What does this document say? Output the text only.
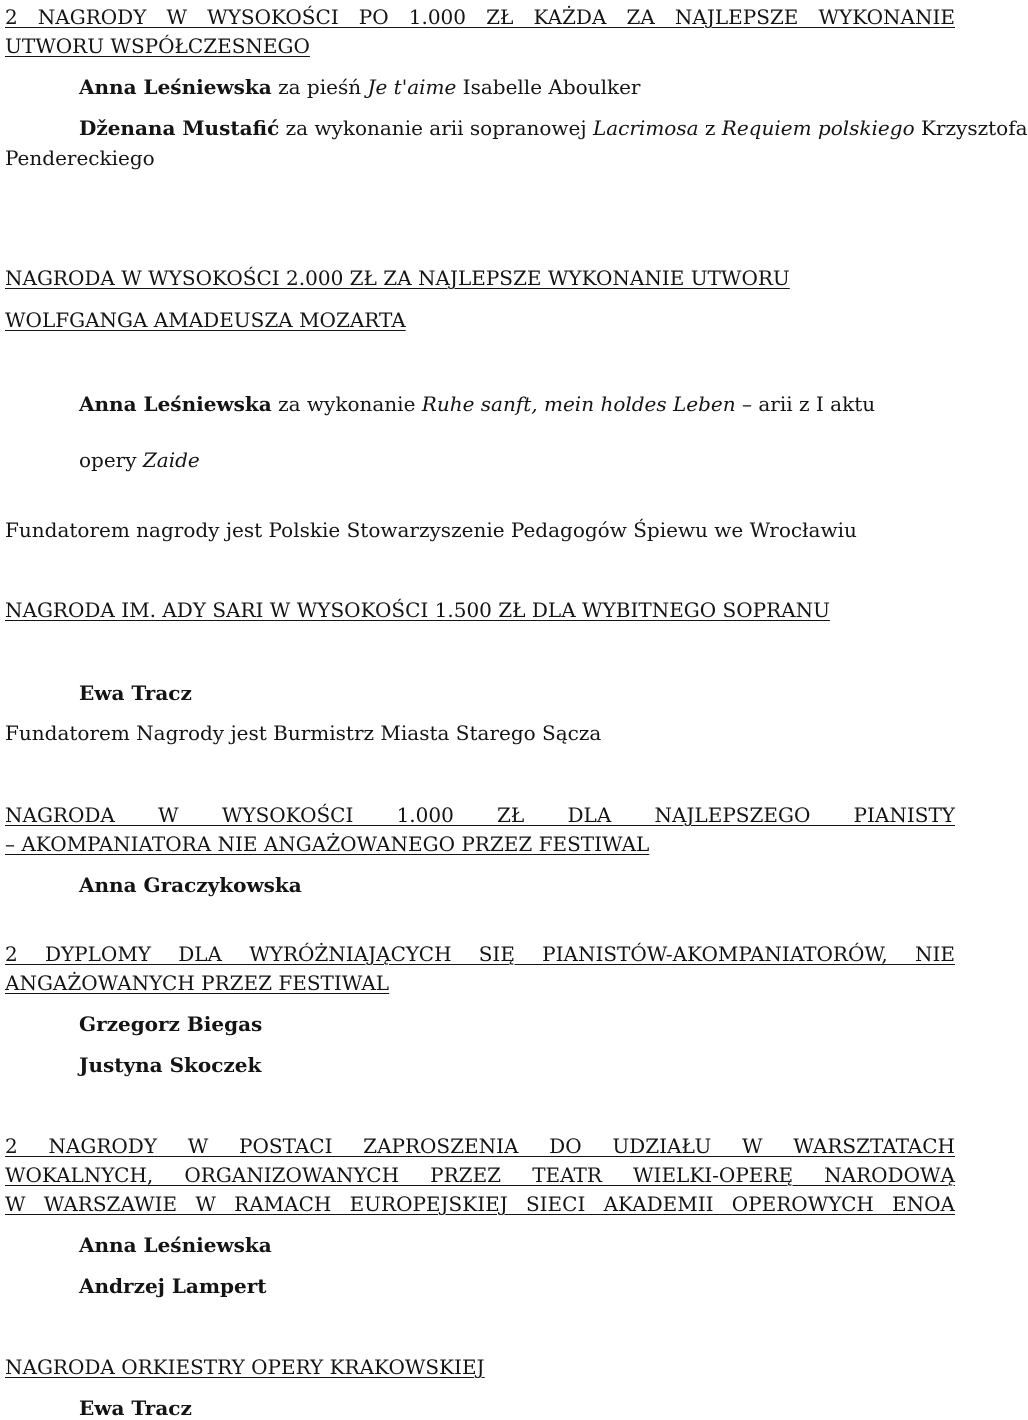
2 NAGRODY W WYSOKOŚCI PO 1.000 ZŁ KAŻDA ZA NAJLEPSZE WYKONANIE
UTWORU WSPÓŁCZESNEGO
Anna Leśniewska za pieśń Je t'aime Isabelle Aboulker
Dženana Mustafić za wykonanie arii sopranowej Lacrimosa z Requiem polskiego Krzysztofa
Pendereckiego
NAGRODA W WYSOKOŚCI 2.000 ZŁ ZA NAJLEPSZE WYKONANIE UTWORU
WOLFGANGA AMADEUSZA MOZARTA
Anna Leśniewska za wykonanie Ruhe sanft, mein holdes Leben – arii z I aktu
opery Zaide
Fundatorem nagrody jest Polskie Stowarzyszenie Pedagogów Śpiewu we Wrocławiu
NAGRODA IM. ADY SARI W WYSOKOŚCI 1.500 ZŁ DLA WYBITNEGO SOPRANU
Ewa Tracz
Fundatorem Nagrody jest Burmistrz Miasta Starego Sącza
NAGRODA W WYSOKOŚCI 1.000 ZŁ DLA NAJLEPSZEGO PIANISTY
– AKOMPANIATORA NIE ANGAŻOWANEGO PRZEZ FESTIWAL
Anna Graczykowska
2 DYPLOMY DLA WYRÓŻNIAJĄCYCH SIĘ PIANISTÓW-AKOMPANIATORÓW, NIE
ANGAŻOWANYCH PRZEZ FESTIWAL
Grzegorz Biegas
Justyna Skoczek
2 NAGRODY W POSTACI ZAPROSZENIA DO UDZIAŁU W WARSZTATACH
WOKALNYCH, ORGANIZOWANYCH PRZEZ TEATR WIELKI-OPERĘ NARODOWĄ
W WARSZAWIE W RAMACH EUROPEJSKIEJ SIECI AKADEMII OPEROWYCH ENOA
Anna Leśniewska
Andrzej Lampert
NAGRODA ORKIESTRY OPERY KRAKOWSKIEJ
Ewa Tracz
